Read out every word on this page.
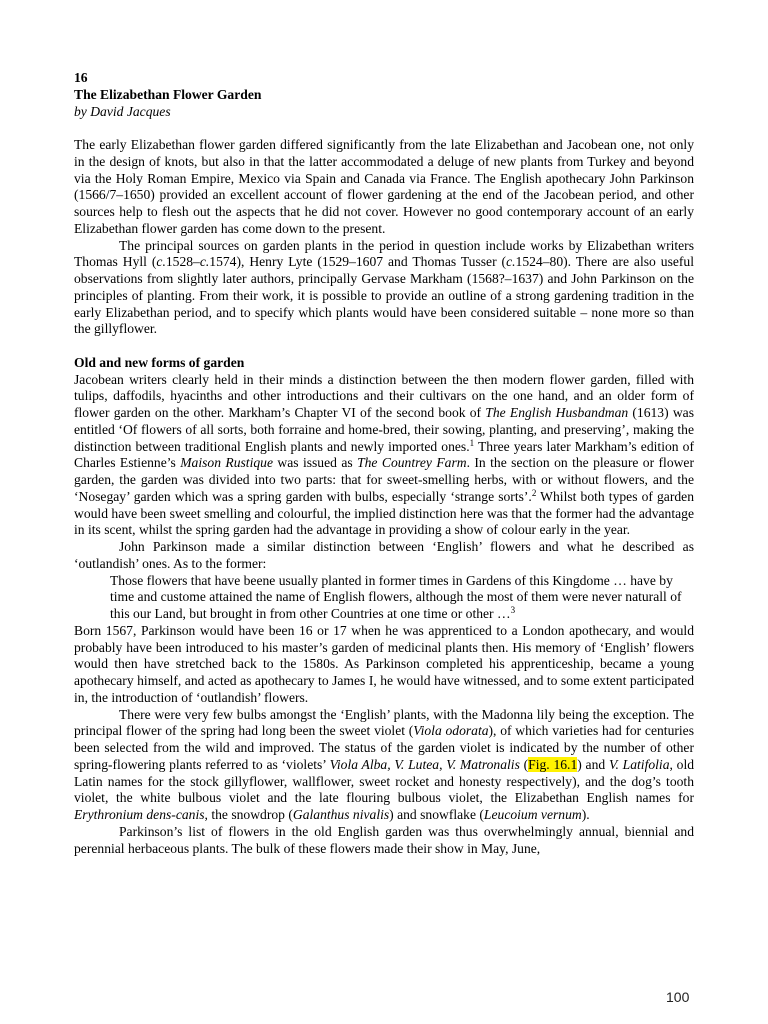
16
The Elizabethan Flower Garden
by David Jacques

The early Elizabethan flower garden differed significantly from the late Elizabethan and Jacobean one, not only in the design of knots, but also in that the latter accommodated a deluge of new plants from Turkey and beyond via the Holy Roman Empire, Mexico via Spain and Canada via France. The English apothecary John Parkinson (1566/7–1650) provided an excellent account of flower gardening at the end of the Jacobean period, and other sources help to flesh out the aspects that he did not cover. However no good contemporary account of an early Elizabethan flower garden has come down to the present.

The principal sources on garden plants in the period in question include works by Elizabethan writers Thomas Hyll (c.1528–c.1574), Henry Lyte (1529–1607 and Thomas Tusser (c.1524–80). There are also useful observations from slightly later authors, principally Gervase Markham (1568?–1637) and John Parkinson on the principles of planting. From their work, it is possible to provide an outline of a strong gardening tradition in the early Elizabethan period, and to specify which plants would have been considered suitable – none more so than the gillyflower.

Old and new forms of garden

Jacobean writers clearly held in their minds a distinction between the then modern flower garden, filled with tulips, daffodils, hyacinths and other introductions and their cultivars on the one hand, and an older form of flower garden on the other. Markham’s Chapter VI of the second book of The English Husbandman (1613) was entitled ‘Of flowers of all sorts, both forraine and home-bred, their sowing, planting, and preserving’, making the distinction between traditional English plants and newly imported ones.$^1$ Three years later Markham’s edition of Charles Estienne’s Maison Rustique was issued as The Countrey Farm. In the section on the pleasure or flower garden, the garden was divided into two parts: that for sweet-smelling herbs, with or without flowers, and the ‘Nosegay’ garden which was a spring garden with bulbs, especially ‘strange sorts’.$^2$ Whilst both types of garden would have been sweet smelling and colourful, the implied distinction here was that the former had the advantage in its scent, whilst the spring garden had the advantage in providing a show of colour early in the year.

John Parkinson made a similar distinction between ‘English’ flowers and what he described as ‘outlandish’ ones. As to the former:

Those flowers that have beene usually planted in former times in Gardens of this Kingdome … have by time and custome attained the name of English flowers, although the most of them were never naturall of this our Land, but brought in from other Countries at one time or other …$^3$

Born 1567, Parkinson would have been 16 or 17 when he was apprenticed to a London apothecary, and would probably have been introduced to his master’s garden of medicinal plants then. His memory of ‘English’ flowers would then have stretched back to the 1580s. As Parkinson completed his apprenticeship, became a young apothecary himself, and acted as apothecary to James I, he would have witnessed, and to some extent participated in, the introduction of ‘outlandish’ flowers.

There were very few bulbs amongst the ‘English’ plants, with the Madonna lily being the exception. The principal flower of the spring had long been the sweet violet (Viola odorata), of which varieties had for centuries been selected from the wild and improved. The status of the garden violet is indicated by the number of other spring-flowering plants referred to as ‘violets’ Viola Alba, V. Lutea, V. Matronalis (Fig. 16.1) and V. Latifolia, old Latin names for the stock gillyflower, wallflower, sweet rocket and honesty respectively), and the dog’s tooth violet, the white bulbous violet and the late flouring bulbous violet, the Elizabethan English names for Erythronium dens-canis, the snowdrop (Galanthus nivalis) and snowflake (Leucoium vernum).

Parkinson’s list of flowers in the old English garden was thus overwhelmingly annual, biennial and perennial herbaceous plants. The bulk of these flowers made their show in May, June,

100
